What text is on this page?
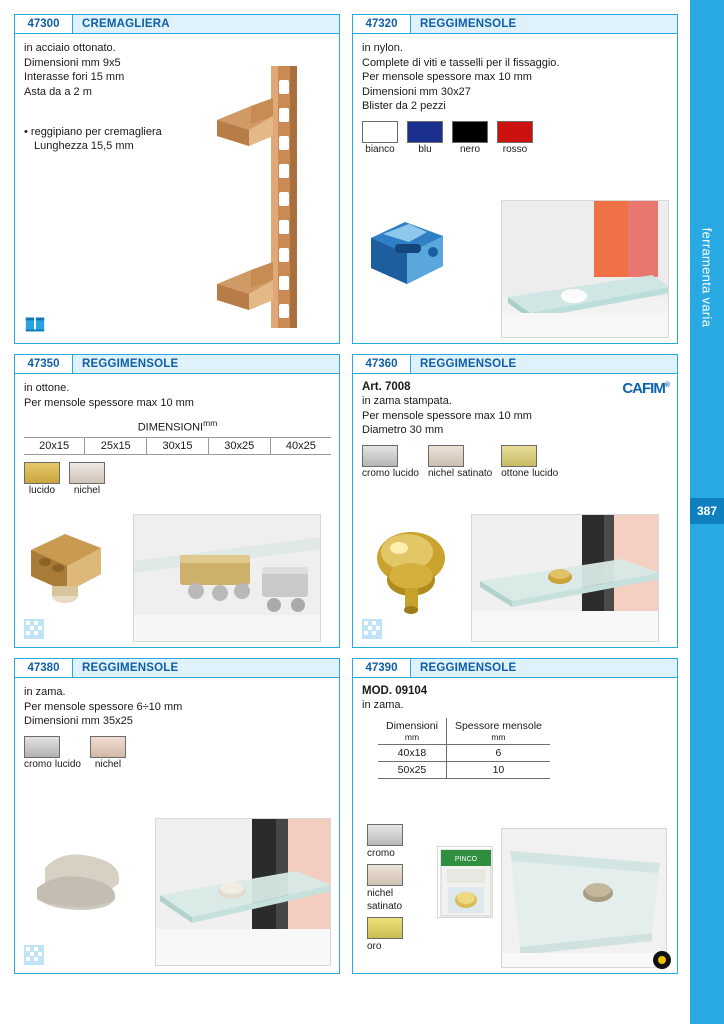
47300	CREMAGLIERA
in acciaio ottonato.
Dimensioni mm 9x5
Interasse fori 15 mm
Asta da a 2 m
• reggipiano per cremagliera
Lunghezza 15,5 mm
47320	REGGIMENSOLE
in nylon.
Complete di viti e tasselli per il fissaggio.
Per mensole spessore max 10 mm
Dimensioni mm 30x27
Blister da 2 pezzi
bianco	blu	nero	rosso
47350	REGGIMENSOLE
in ottone.
Per mensole spessore max 10 mm
$DIMENSIONI^{mm}$
20x15	25x15	30x15	30x25	40x25
lucido	nichel
47360	REGGIMENSOLE
CAFIM®
Art. 7008
in zama stampata.
Per mensole spessore max 10 mm
Diametro 30 mm
cromo lucido nichel satinato ottone lucido
47380	REGGIMENSOLE
in zama.
Per mensole spessore 6÷10 mm
Dimensioni mm 35x25
cromo lucido	nichel
47390	REGGIMENSOLE
MOD. 09104
in zama.
Dimensioni
mm

Spessore mensole
mm

40x18	6
50x25	10
cromo
nichel
satinato
oro
PINCO
ferramenta varia
387
